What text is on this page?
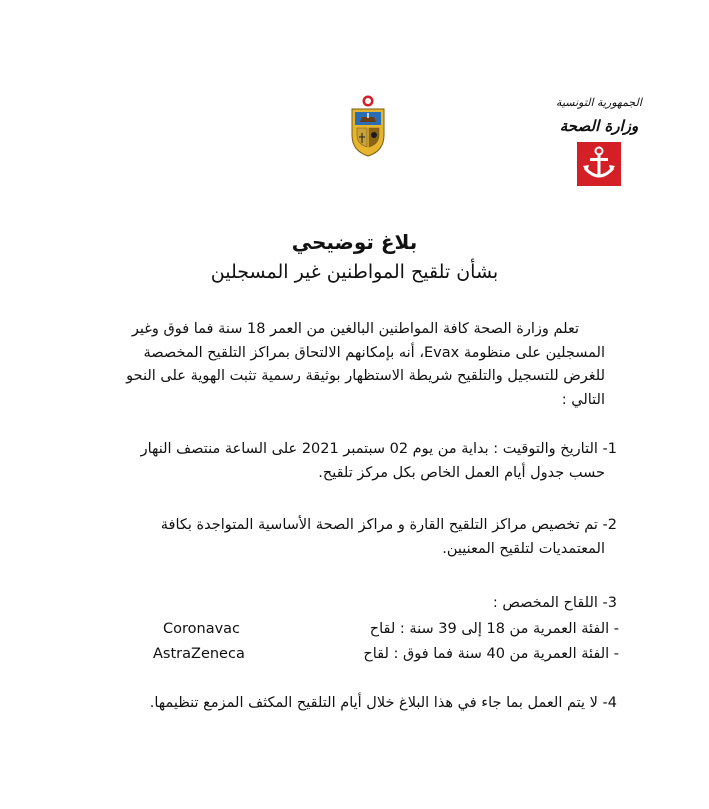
الجمهورية التونسية
وزارة الصحة
بلاغ توضيحي
بشأن تلقيح المواطنين غير المسجلين
تعلم وزارة الصحة كافة المواطنين البالغين من العمر 18 سنة فما فوق وغير
المسجلين على منظومة Evax، أنه بإمكانهم الالتحاق بمراكز التلقيح المخصصة
للغرض للتسجيل والتلقيح شريطة الاستظهار بوثيقة رسمية تثبت الهوية على النحو
التالي :
1- التاريخ والتوقيت : بداية من يوم 02 سبتمبر 2021 على الساعة منتصف النهار
حسب جدول أيام العمل الخاص بكل مركز تلقيح.
2- تم تخصيص مراكز التلقيح القارة و مراكز الصحة الأساسية المتواجدة بكافة
المعتمديات لتلقيح المعنيين.
3- اللقاح المخصص :
Coronavac	- الفئة العمرية من 18 إلى 39 سنة : لقاح
AstraZeneca	- الفئة العمرية من 40 سنة فما فوق : لقاح
4- لا يتم العمل بما جاء في هذا البلاغ خلال أيام التلقيح المكثف المزمع تنظيمها.
